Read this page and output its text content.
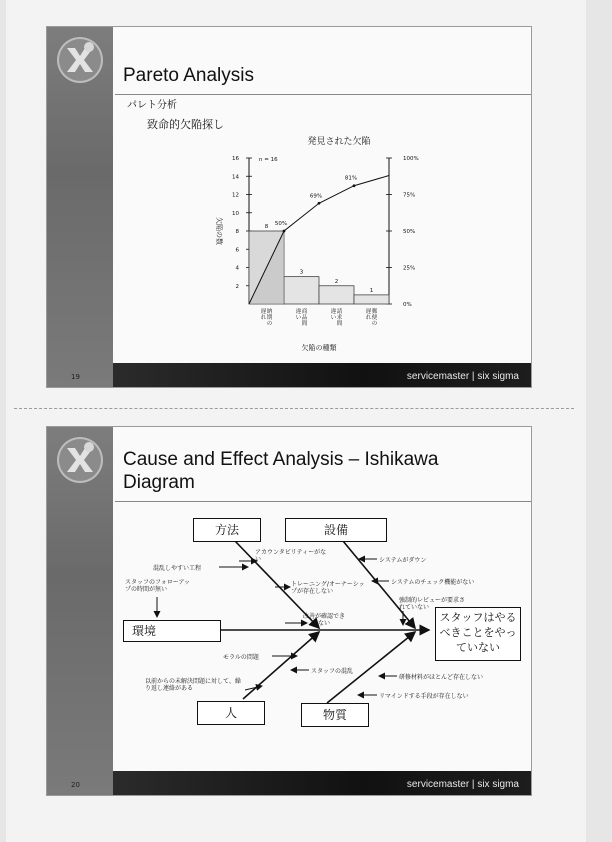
Pareto Analysis
パレト分析
致命的欠陥探し
発見された欠陥
欠陥の数
2
4
6
8
10
12
14
16
0%
25%
50%
75%
100%
n = 16
8
3
2
1
50%
69%
81%
納期の遅れ
商品間違い
請求間違い
郵便の遅れ
欠陥の種類
servicemaster | six sigma
19
Cause and Effect Analysis – Ishikawa
Diagram
方法	設備
環境
人	物質
スタッフはやるべきことをやっていない
アカウンタビリティーがない
混乱しやすい工程
スタッフのフォローアップの時間が無い
トレーニング/オーナーシップが存在しない
改善が確認できない
システムがダウン
システムのチェック機能がない
強制的レビューが要求されていない
モラルの問題
スタッフの混乱
以前からの未解決問題に対して、繰り返し連絡がある
研修材料がほとんど存在しない
リマインドする手段が存在しない
servicemaster | six sigma
20
